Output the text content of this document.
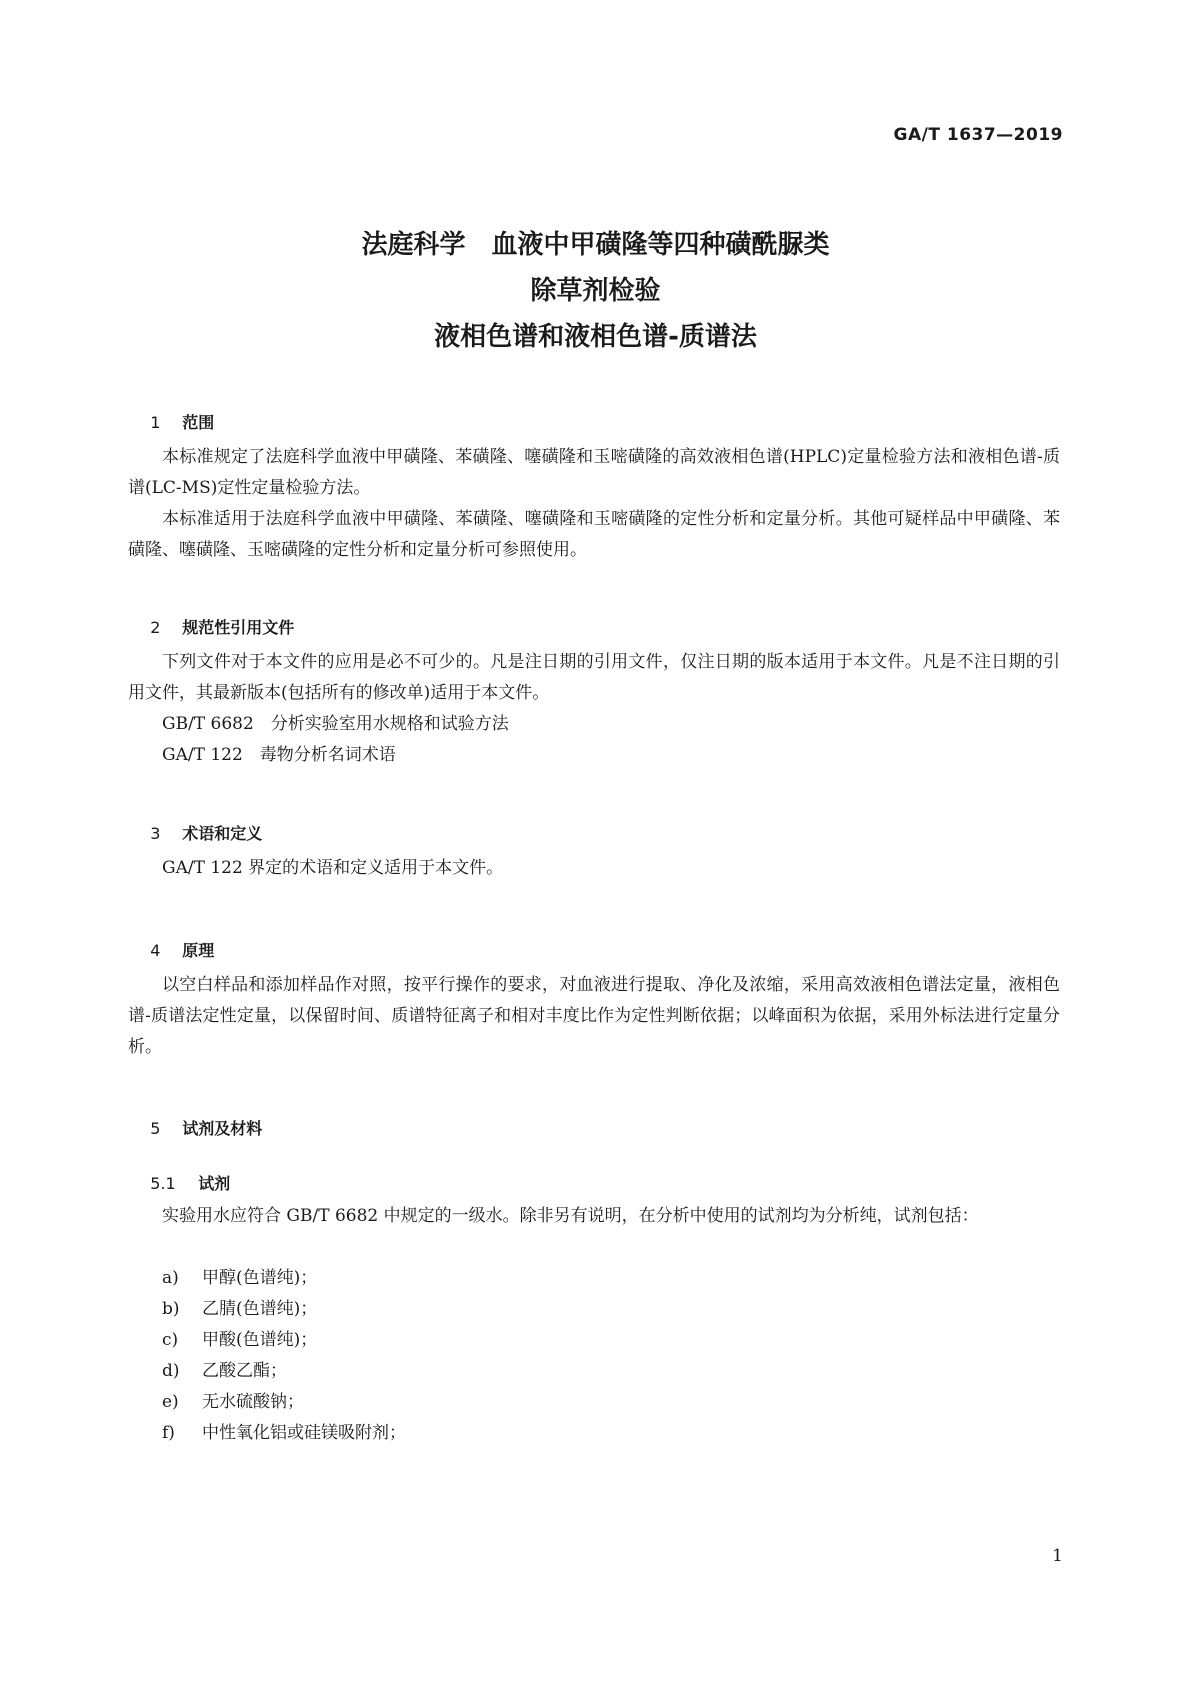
GA/T 1637—2019
法庭科学　血液中甲磺隆等四种磺酰脲类
除草剂检验
液相色谱和液相色谱-质谱法

1 范围

本标准规定了法庭科学血液中甲磺隆、苯磺隆、噻磺隆和玉嘧磺隆的高效液相色谱(HPLC)定量检验方法和液相色谱-质谱(LC-MS)定性定量检验方法。
本标准适用于法庭科学血液中甲磺隆、苯磺隆、噻磺隆和玉嘧磺隆的定性分析和定量分析。其他可疑样品中甲磺隆、苯磺隆、噻磺隆、玉嘧磺隆的定性分析和定量分析可参照使用。

2 规范性引用文件

下列文件对于本文件的应用是必不可少的。凡是注日期的引用文件，仅注日期的版本适用于本文件。凡是不注日期的引用文件，其最新版本(包括所有的修改单)适用于本文件。
GB/T 6682　 分析实验室用水规格和试验方法
GA/T 122　 毒物分析名词术语

3 术语和定义

GA/T 122 界定的术语和定义适用于本文件。

4 原理

以空白样品和添加样品作对照，按平行操作的要求，对血液进行提取、净化及浓缩，采用高效液相色谱法定量，液相色谱-质谱法定性定量，以保留时间、质谱特征离子和相对丰度比作为定性判断依据；以峰面积为依据，采用外标法进行定量分析。

5 试剂及材料

5.1 试剂

实验用水应符合 GB/T 6682 中规定的一级水。除非另有说明，在分析中使用的试剂均为分析纯，试剂包括：
a) 甲醇(色谱纯)；
b) 乙腈(色谱纯)；
c) 甲酸(色谱纯)；
d) 乙酸乙酯；
e) 无水硫酸钠；
f) 中性氧化铝或硅镁吸附剂；
1
